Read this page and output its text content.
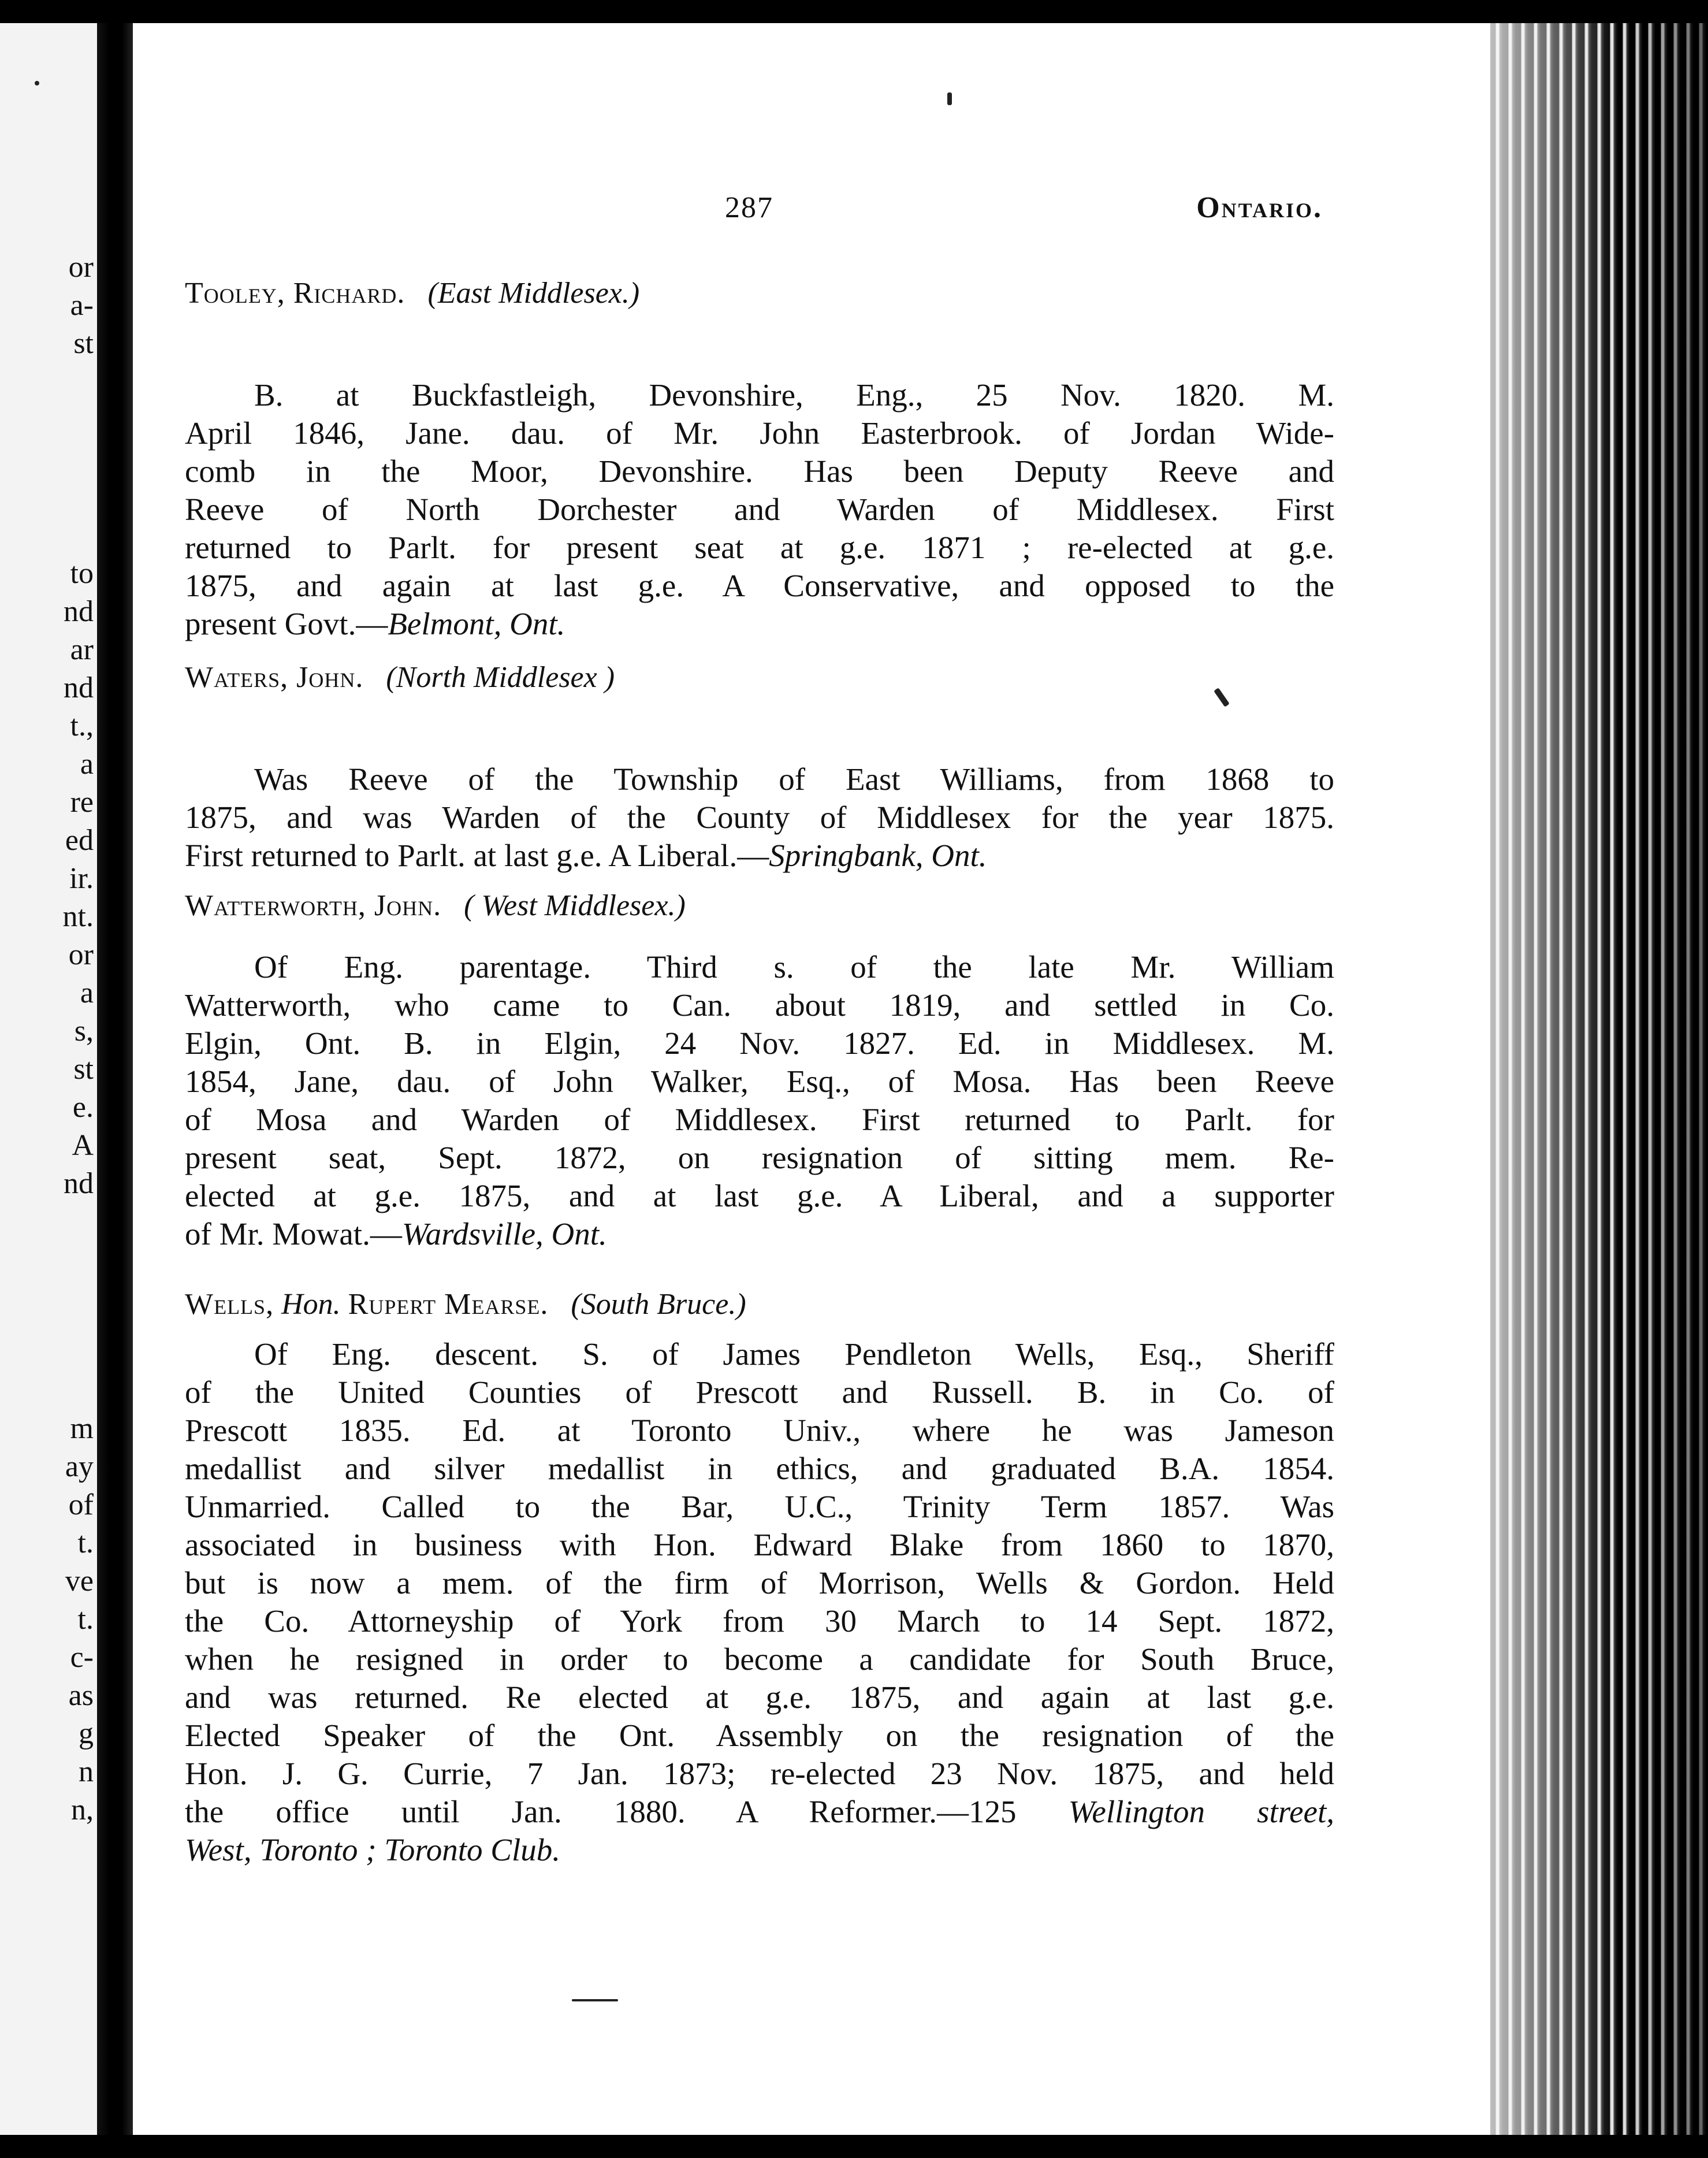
or
a-
st
to
nd
ar
nd
t.,
a
re
ed
ir.
nt.
or
a
s,
st
e.
A
nd
m
ay
of
t.
ve
t.
c-
as
g
n
n,
287	Ontario.

Tooley, Richard. (East Middlesex.)

B. at Buckfastleigh, Devonshire, Eng., 25 Nov. 1820. M.
April 1846, Jane. dau. of Mr. John Easterbrook. of Jordan Wide-
comb in the Moor, Devonshire. Has been Deputy Reeve and
Reeve of North Dorchester and Warden of Middlesex. First
returned to Parlt. for present seat at g.e. 1871 ; re-elected at g.e.
1875, and again at last g.e. A Conservative, and opposed to the
present Govt.—Belmont, Ont.

Waters, John. (North Middlesex )

Was Reeve of the Township of East Williams, from 1868 to
1875, and was Warden of the County of Middlesex for the year 1875.
First returned to Parlt. at last g.e. A Liberal.—Springbank, Ont.

Watterworth, John. ( West Middlesex.)

Of Eng. parentage. Third s. of the late Mr. William
Watterworth, who came to Can. about 1819, and settled in Co.
Elgin, Ont. B. in Elgin, 24 Nov. 1827. Ed. in Middlesex. M.
1854, Jane, dau. of John Walker, Esq., of Mosa. Has been Reeve
of Mosa and Warden of Middlesex. First returned to Parlt. for
present seat, Sept. 1872, on resignation of sitting mem. Re-
elected at g.e. 1875, and at last g.e. A Liberal, and a supporter
of Mr. Mowat.—Wardsville, Ont.

Wells, Hon. Rupert Mearse. (South Bruce.)

Of Eng. descent. S. of James Pendleton Wells, Esq., Sheriff
of the United Counties of Prescott and Russell. B. in Co. of
Prescott 1835. Ed. at Toronto Univ., where he was Jameson
medallist and silver medallist in ethics, and graduated B.A. 1854.
Unmarried. Called to the Bar, U.C., Trinity Term 1857. Was
associated in business with Hon. Edward Blake from 1860 to 1870,
but is now a mem. of the firm of Morrison, Wells & Gordon. Held
the Co. Attorneyship of York from 30 March to 14 Sept. 1872,
when he resigned in order to become a candidate for South Bruce,
and was returned. Re elected at g.e. 1875, and again at last g.e.
Elected Speaker of the Ont. Assembly on the resignation of the
Hon. J. G. Currie, 7 Jan. 1873; re-elected 23 Nov. 1875, and held
the office until Jan. 1880. A Reformer.—125 Wellington street,
West, Toronto ; Toronto Club.
